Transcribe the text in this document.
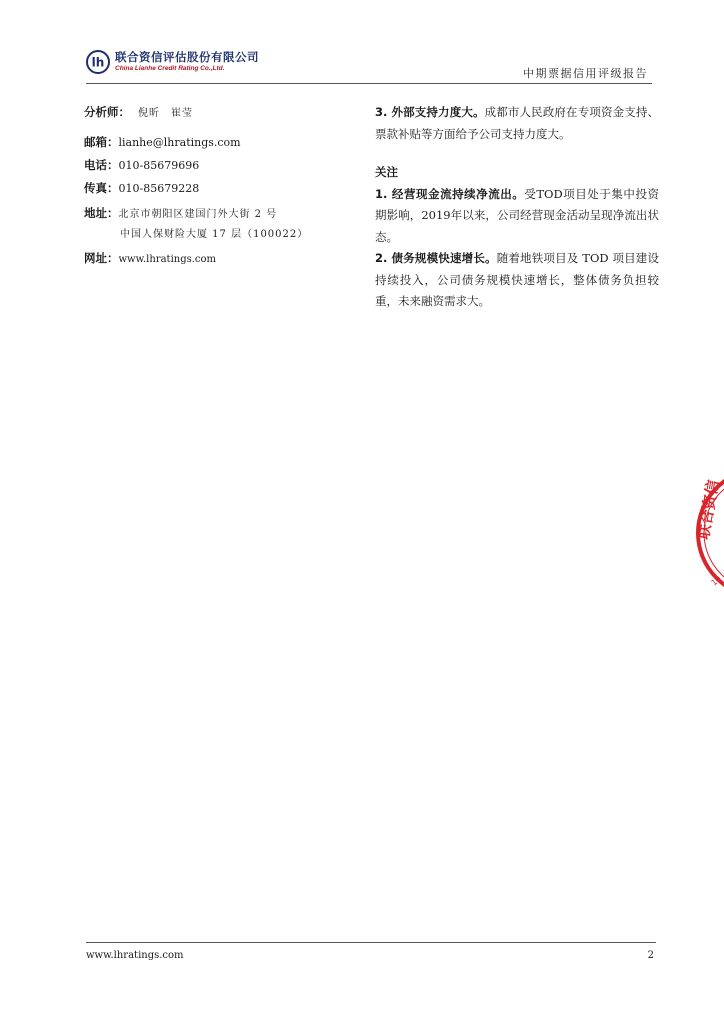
lh 联合资信评估股份有限公司
China Lianhe Credit Rating Co.,Ltd.	中期票据信用评级报告
分析师： 倪昕　崔莹
邮箱： lianhe@lhratings.com
电话： 010-85679696
传真： 010-85679228
地址： 北京市朝阳区建国门外大街 2 号
中国人保财险大厦 17 层（100022）
网址： www.lhratings.com

3. 外部支持力度大。成都市人民政府在专项资金支持、票款补贴等方面给予公司支持力度大。

关注

1. 经营现金流持续净流出。受TOD项目处于集中投资期影响，2019年以来，公司经营现金活动呈现净流出状态。

2. 债务规模快速增长。随着地铁项目及 TOD 项目建设持续投入，公司债务规模快速增长，整体债务负担较重，未来融资需求大。

www.lhratings.com	2
联合资信
10
